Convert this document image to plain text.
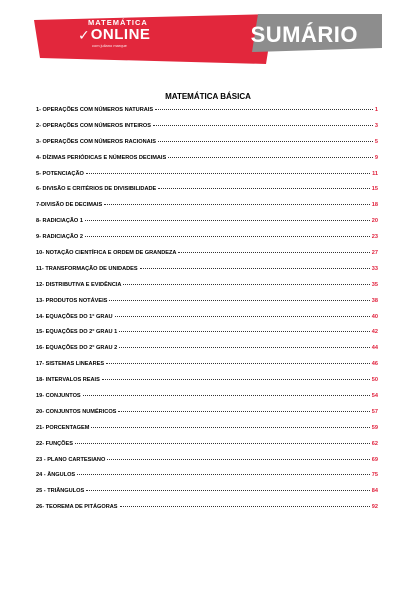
MATEMÁTICA
✓ ONLINE
com juliano marque	SUMÁRIO
MATEMÁTICA BÁSICA
1- OPERAÇÕES COM NÚMEROS NATURAIS	1
2- OPERAÇÕES COM NÚMEROS INTEIROS	3
3- OPERAÇÕES COM NÚMEROS RACIONAIS	5
4- DÍZIMAS PERIÓDICAS E NÚMEROS DECIMAIS	9
5- POTENCIAÇÃO	11
6- DIVISÃO E CRITÉRIOS DE DIVISIBILIDADE	15
7-DIVISÃO DE DECIMAIS	18
8- RADICIAÇÃO 1	20
9- RADICIAÇÃO 2	23
10- NOTAÇÃO CIENTÍFICA E ORDEM DE GRANDEZA	27
11- TRANSFORMAÇÃO DE UNIDADES	33
12- DISTRIBUTIVA E EVIDÊNCIA	35
13- PRODUTOS NOTÁVEIS	38
14- EQUAÇÕES DO 1° GRAU	40
15- EQUAÇÕES DO 2° GRAU 1	42
16- EQUAÇÕES DO 2° GRAU 2	44
17- SISTEMAS LINEARES	46
18- INTERVALOS REAIS	50
19- CONJUNTOS	54
20- CONJUNTOS NUMÉRICOS	57
21- PORCENTAGEM	59
22- FUNÇÕES	62
23 - PLANO CARTESIANO	69
24 - ÂNGULOS	75
25 - TRIÂNGULOS	84
26- TEOREMA DE PITÁGORAS	92
